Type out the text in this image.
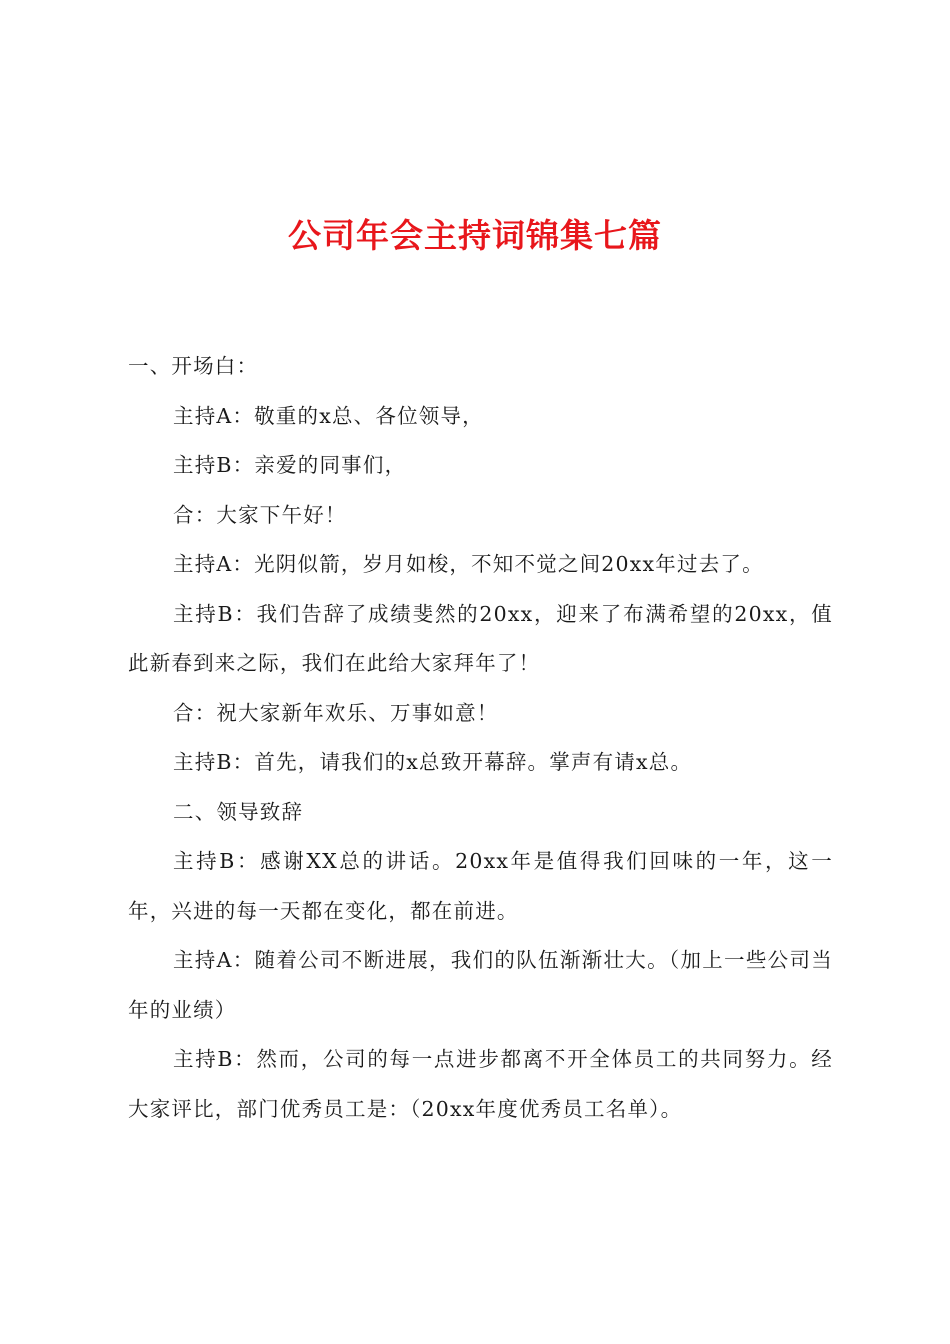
公司年会主持词锦集七篇

一、开场白：

主持A：敬重的x总、各位领导，

主持B：亲爱的同事们，

合：大家下午好！

主持A：光阴似箭，岁月如梭，不知不觉之间20xx年过去了。

主持B：我们告辞了成绩斐然的20xx，迎来了布满希望的20xx，值此新春到来之际，我们在此给大家拜年了！

合：祝大家新年欢乐、万事如意！

主持B：首先，请我们的x总致开幕辞。掌声有请x总。

二、领导致辞

主持B：感谢XX总的讲话。20xx年是值得我们回味的一年，这一年，兴进的每一天都在变化，都在前进。

主持A：随着公司不断进展，我们的队伍渐渐壮大。（加上一些公司当年的业绩）

主持B：然而，公司的每一点进步都离不开全体员工的共同努力。经大家评比，部门优秀员工是：（20xx年度优秀员工名单）。
